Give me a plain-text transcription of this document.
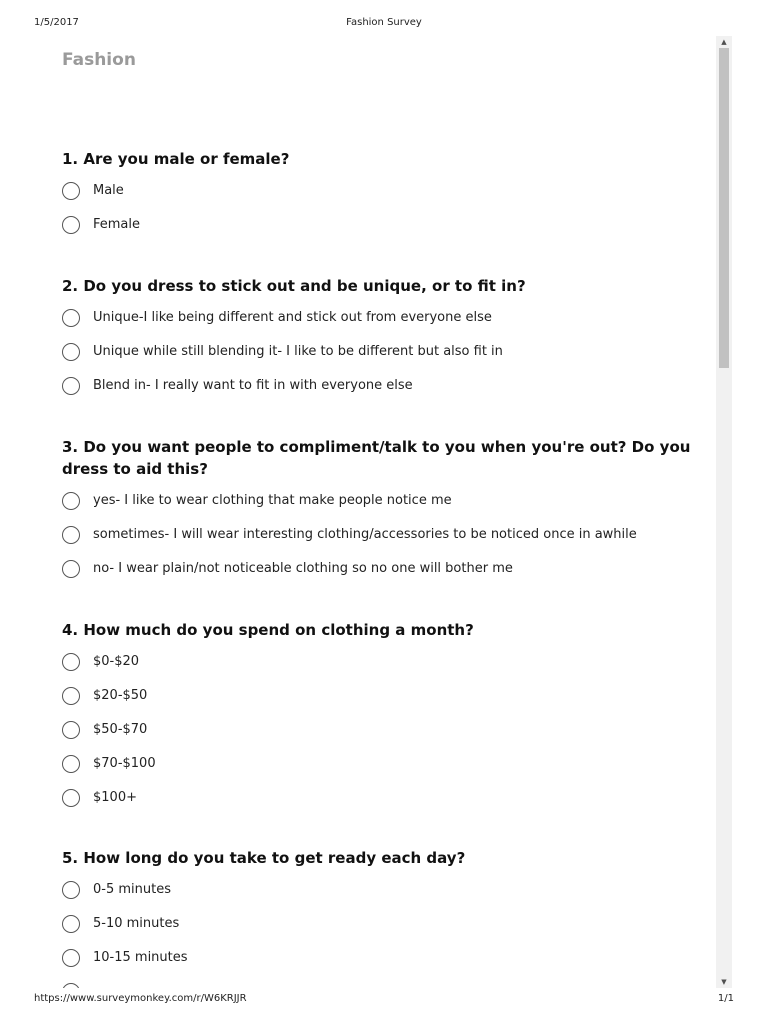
1/5/2017	Fashion Survey
Fashion

1. Are you male or female?

Male
Female

2. Do you dress to stick out and be unique, or to fit in?

Unique-I like being different and stick out from everyone else
Unique while still blending it- I like to be different but also fit in
Blend in- I really want to fit in with everyone else

3. Do you want people to compliment/talk to you when you're out? Do you dress to aid this?

yes- I like to wear clothing that make people notice me
sometimes- I will wear interesting clothing/accessories to be noticed once in awhile
no- I wear plain/not noticeable clothing so no one will bother me

4. How much do you spend on clothing a month?

$0-$20
$20-$50
$50-$70
$70-$100
$100+

5. How long do you take to get ready each day?

0-5 minutes
5-10 minutes
10-15 minutes
▲
▼
https://www.surveymonkey.com/r/W6KRJJR	1/1
